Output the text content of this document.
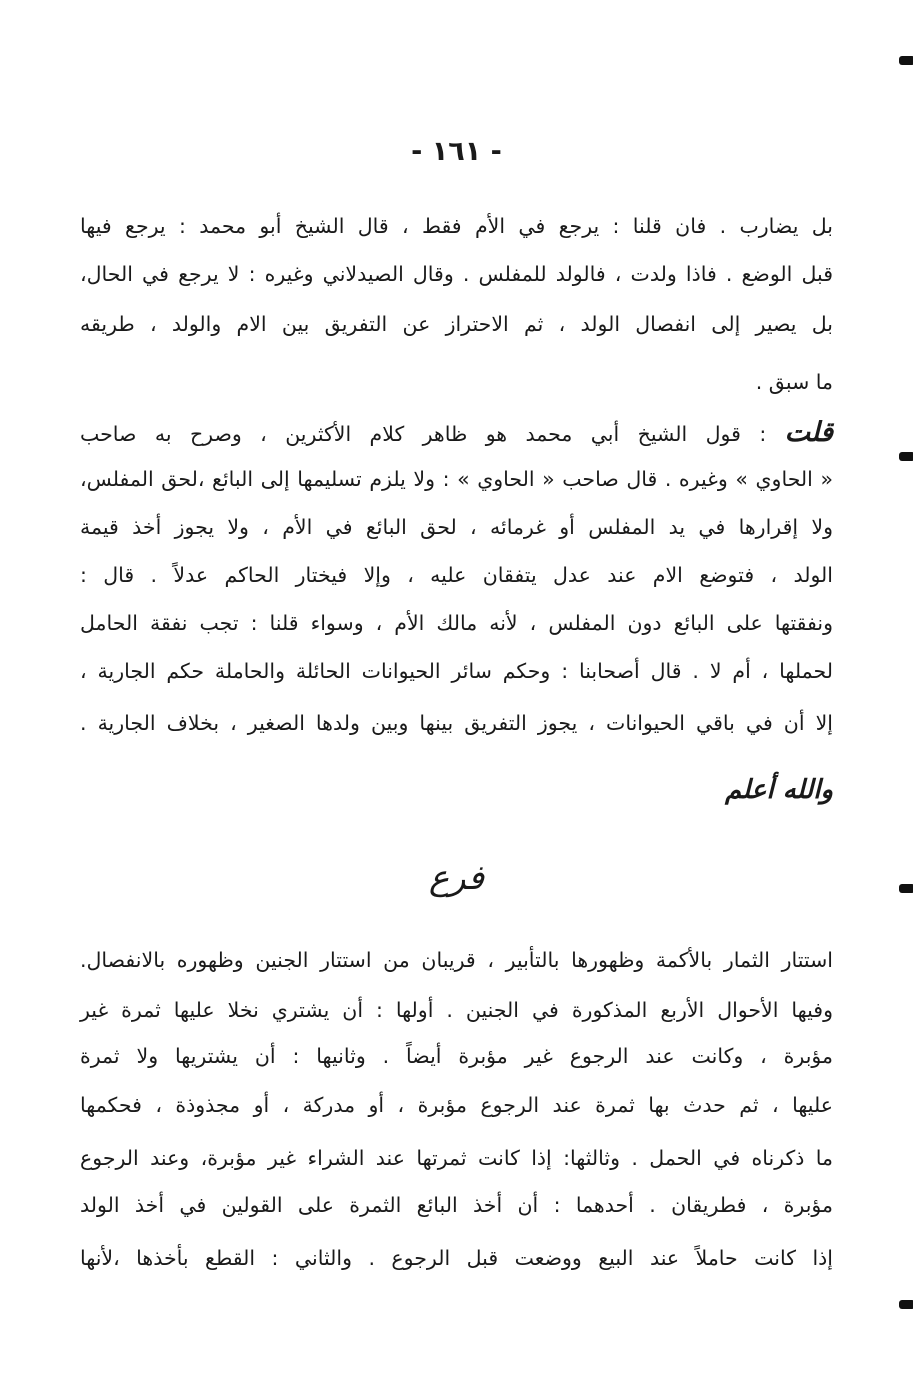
- ١٦١ -
بل يضارب . فان قلنا : يرجع في الأم فقط ، قال الشيخ أبو محمد : يرجع فيها
قبل الوضع . فاذا ولدت ، فالولد للمفلس . وقال الصيدلاني وغيره : لا يرجع في الحال،
بل يصير إلى انفصال الولد ، ثم الاحتراز عن التفريق بين الام والولد ، طريقه
ما سبق .
قلت : قول الشيخ أبي محمد هو ظاهر كلام الأكثرين ، وصرح به صاحب
« الحاوي » وغيره . قال صاحب « الحاوي » : ولا يلزم تسليمها إلى البائع ،لحق المفلس،
ولا إقرارها في يد المفلس أو غرمائه ، لحق البائع في الأم ، ولا يجوز أخذ قيمة
الولد ، فتوضع الام عند عدل يتفقان عليه ، وإلا فيختار الحاكم عدلاً . قال :
ونفقتها على البائع دون المفلس ، لأنه مالك الأم ، وسواء قلنا : تجب نفقة الحامل
لحملها ، أم لا . قال أصحابنا : وحكم سائر الحيوانات الحائلة والحاملة حكم الجارية ،
إلا أن في باقي الحيوانات ، يجوز التفريق بينها وبين ولدها الصغير ، بخلاف الجارية .
والله أعلم
فرع
استتار الثمار بالأكمة وظهورها بالتأبير ، قريبان من استتار الجنين وظهوره بالانفصال.
وفيها الأحوال الأربع المذكورة في الجنين . أولها : أن يشتري نخلا عليها ثمرة غير
مؤبرة ، وكانت عند الرجوع غير مؤبرة أيضاً . وثانيها : أن يشتريها ولا ثمرة
عليها ، ثم حدث بها ثمرة عند الرجوع مؤبرة ، أو مدركة ، أو مجذوذة ، فحكمها
ما ذكرناه في الحمل . وثالثها: إذا كانت ثمرتها عند الشراء غير مؤبرة، وعند الرجوع
مؤبرة ، فطريقان . أحدهما : أن أخذ البائع الثمرة على القولين في أخذ الولد
إذا كانت حاملاً عند البيع ووضعت قبل الرجوع . والثاني : القطع بأخذها ،لأنها
